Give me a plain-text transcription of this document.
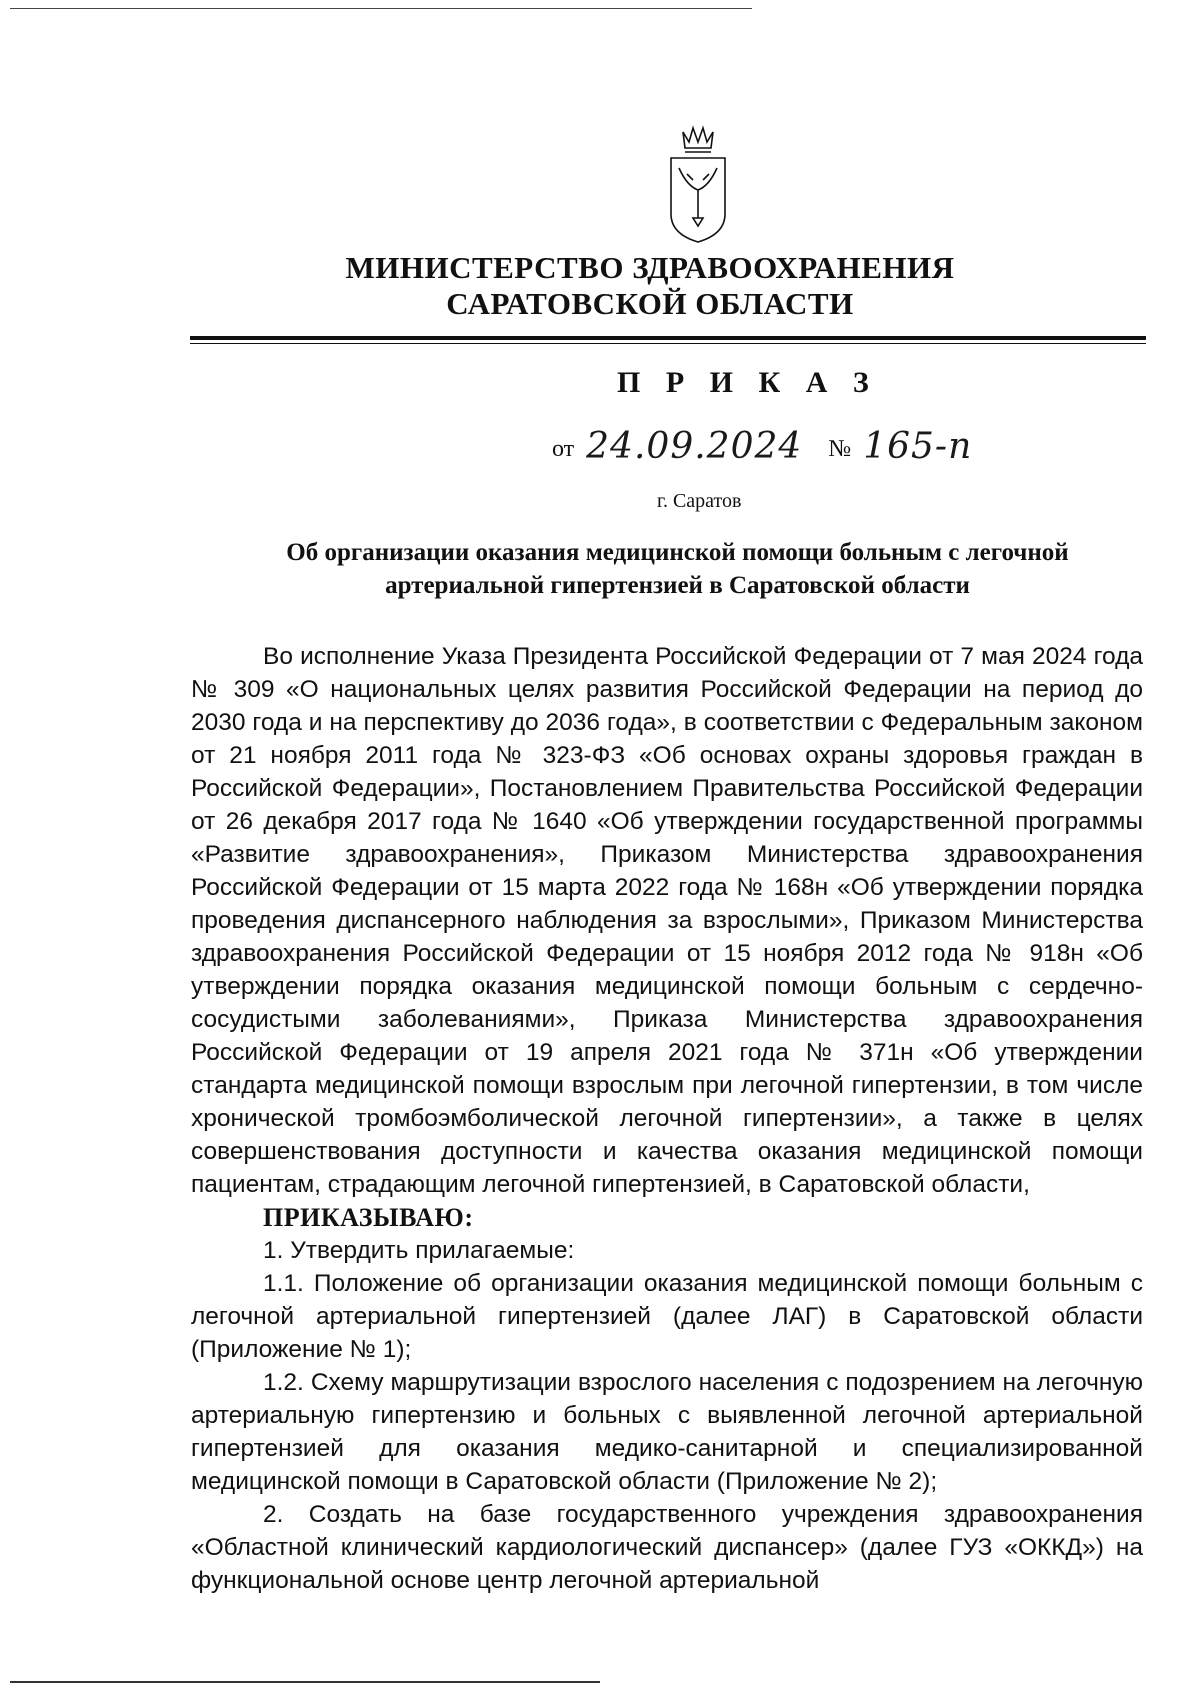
МИНИСТЕРСТВО ЗДРАВООХРАНЕНИЯ
САРАТОВСКОЙ ОБЛАСТИ
П Р И К А З
от 24.09.2024 № 165-п
г. Саратов
Об организации оказания медицинской помощи больным с легочной
артериальной гипертензией в Саратовской области

Во исполнение Указа Президента Российской Федерации от 7 мая 2024 года № 309 «О национальных целях развития Российской Федерации на период до 2030 года и на перспективу до 2036 года», в соответствии с Федеральным законом от 21 ноября 2011 года № 323-ФЗ «Об основах охраны здоровья граждан в Российской Федерации», Постановлением Правительства Российской Федерации от 26 декабря 2017 года № 1640 «Об утверждении государственной программы «Развитие здравоохранения», Приказом Министерства здравоохранения Российской Федерации от 15 марта 2022 года № 168н «Об утверждении порядка проведения диспансерного наблюдения за взрослыми», Приказом Министерства здравоохранения Российской Федерации от 15 ноября 2012 года № 918н «Об утверждении порядка оказания медицинской помощи больным с сердечно-сосудистыми заболеваниями», Приказа Министерства здравоохранения Российской Федерации от 19 апреля 2021 года № 371н «Об утверждении стандарта медицинской помощи взрослым при легочной гипертензии, в том числе хронической тромбоэмболической легочной гипертензии», а также в целях совершенствования доступности и качества оказания медицинской помощи пациентам, страдающим легочной гипертензией, в Саратовской области,

ПРИКАЗЫВАЮ:

1. Утвердить прилагаемые:

1.1. Положение об организации оказания медицинской помощи больным с легочной артериальной гипертензией (далее ЛАГ) в Саратовской области (Приложение № 1);

1.2. Схему маршрутизации взрослого населения с подозрением на легочную артериальную гипертензию и больных с выявленной легочной артериальной гипертензией для оказания медико-санитарной и специализированной медицинской помощи в Саратовской области (Приложение № 2);

2. Создать на базе государственного учреждения здравоохранения «Областной клинический кардиологический диспансер» (далее ГУЗ «ОККД») на функциональной основе центр легочной артериальной
